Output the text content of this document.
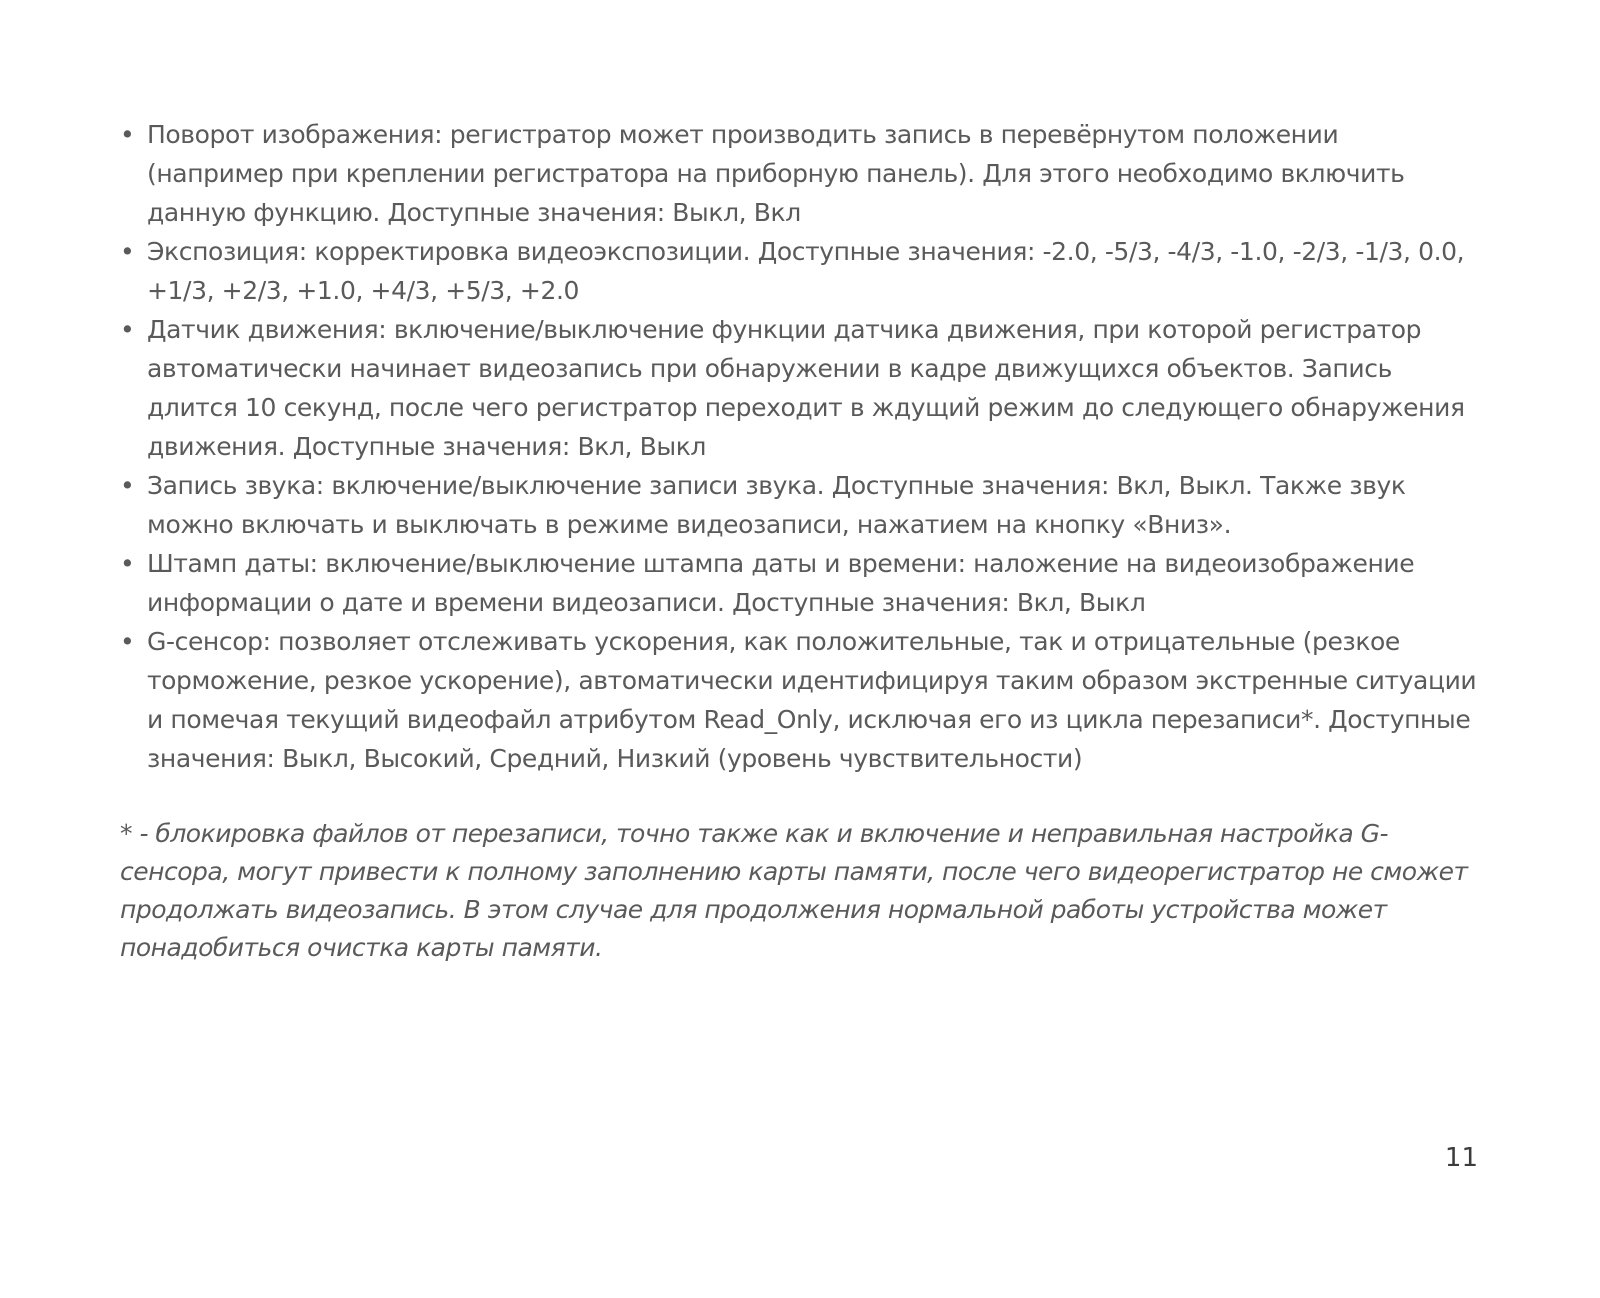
• Поворот изображения: регистратор может производить запись в перевёрнутом положении (например при креплении регистратора на приборную панель). Для этого необходимо включить данную функцию. Доступные значения: Выкл, Вкл
• Экспозиция: корректировка видеоэкспозиции. Доступные значения: -2.0, -5/3, -4/3, -1.0, -2/3, -1/3, 0.0, +1/3, +2/3, +1.0, +4/3, +5/3, +2.0
• Датчик движения: включение/выключение функции датчика движения, при которой регистратор автоматически начинает видеозапись при обнаружении в кадре движущихся объектов. Запись длится 10 секунд, после чего регистратор переходит в ждущий режим до следующего обнаружения движения. Доступные значения: Вкл, Выкл
• Запись звука: включение/выключение записи звука. Доступные значения: Вкл, Выкл. Также звук можно включать и выключать в режиме видеозаписи, нажатием на кнопку «Вниз».
• Штамп даты: включение/выключение штампа даты и времени: наложение на видеоизображение информации о дате и времени видеозаписи. Доступные значения: Вкл, Выкл
• G-сенсор: позволяет отслеживать ускорения, как положительные, так и отрицательные (резкое торможение, резкое ускорение), автоматически идентифицируя таким образом экстренные ситуации и помечая текущий видеофайл атрибутом Read_Only, исключая его из цикла перезаписи*. Доступные значения: Выкл, Высокий, Средний, Низкий (уровень чувствительности)

* - блокировка файлов от перезаписи, точно также как и включение и неправильная настройка G-сенсора, могут привести к полному заполнению карты памяти, после чего видеорегистратор не сможет продолжать видеозапись. В этом случае для продолжения нормальной работы устройства может понадобиться очистка карты памяти.

11
